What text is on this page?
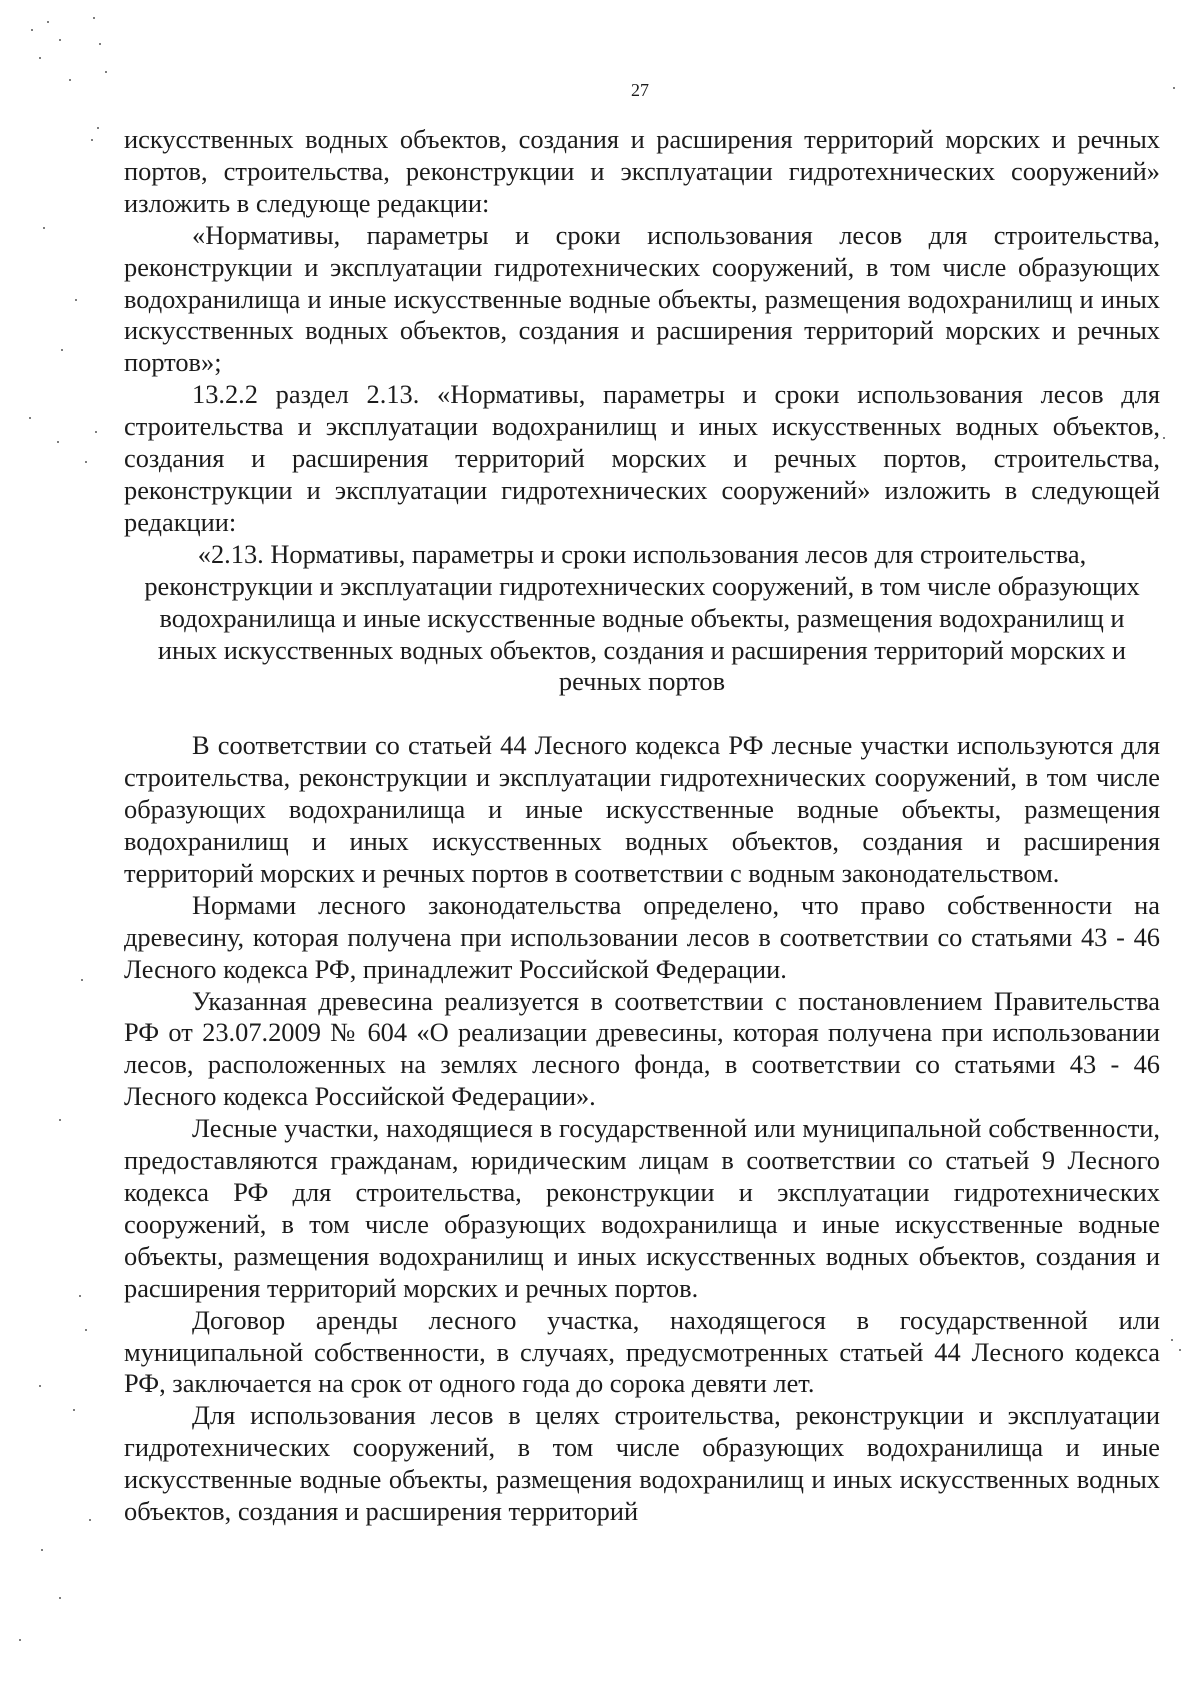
27

искусственных водных объектов, создания и расширения территорий морских и речных портов, строительства, реконструкции и эксплуатации гидротехнических сооружений» изложить в следующе редакции:

«Нормативы, параметры и сроки использования лесов для строительства, реконструкции и эксплуатации гидротехнических сооружений, в том числе образующих водохранилища и иные искусственные водные объекты, размещения водохранилищ и иных искусственных водных объектов, создания и расширения территорий морских и речных портов»;

13.2.2 раздел 2.13. «Нормативы, параметры и сроки использования лесов для строительства и эксплуатации водохранилищ и иных искусственных водных объектов, создания и расширения территорий морских и речных портов, строительства, реконструкции и эксплуатации гидротехнических сооружений» изложить в следующей редакции:

«2.13. Нормативы, параметры и сроки использования лесов для строительства, реконструкции и эксплуатации гидротехнических сооружений, в том числе образующих водохранилища и иные искусственные водные объекты, размещения водохранилищ и иных искусственных водных объектов, создания и расширения территорий морских и речных портов

В соответствии со статьей 44 Лесного кодекса РФ лесные участки используются для строительства, реконструкции и эксплуатации гидротехнических сооружений, в том числе образующих водохранилища и иные искусственные водные объекты, размещения водохранилищ и иных искусственных водных объектов, создания и расширения территорий морских и речных портов в соответствии с водным законодательством.

Нормами лесного законодательства определено, что право собственности на древесину, которая получена при использовании лесов в соответствии со статьями 43 - 46 Лесного кодекса РФ, принадлежит Российской Федерации.

Указанная древесина реализуется в соответствии с постановлением Правительства РФ от 23.07.2009 № 604 «О реализации древесины, которая получена при использовании лесов, расположенных на землях лесного фонда, в соответствии со статьями 43 - 46 Лесного кодекса Российской Федерации».

Лесные участки, находящиеся в государственной или муниципальной собственности, предоставляются гражданам, юридическим лицам в соответствии со статьей 9 Лесного кодекса РФ для строительства, реконструкции и эксплуатации гидротехнических сооружений, в том числе образующих водохранилища и иные искусственные водные объекты, размещения водохранилищ и иных искусственных водных объектов, создания и расширения территорий морских и речных портов.

Договор аренды лесного участка, находящегося в государственной или муниципальной собственности, в случаях, предусмотренных статьей 44 Лесного кодекса РФ, заключается на срок от одного года до сорока девяти лет.

Для использования лесов в целях строительства, реконструкции и эксплуатации гидротехнических сооружений, в том числе образующих водохранилища и иные искусственные водные объекты, размещения водохранилищ и иных искусственных водных объектов, создания и расширения территорий
